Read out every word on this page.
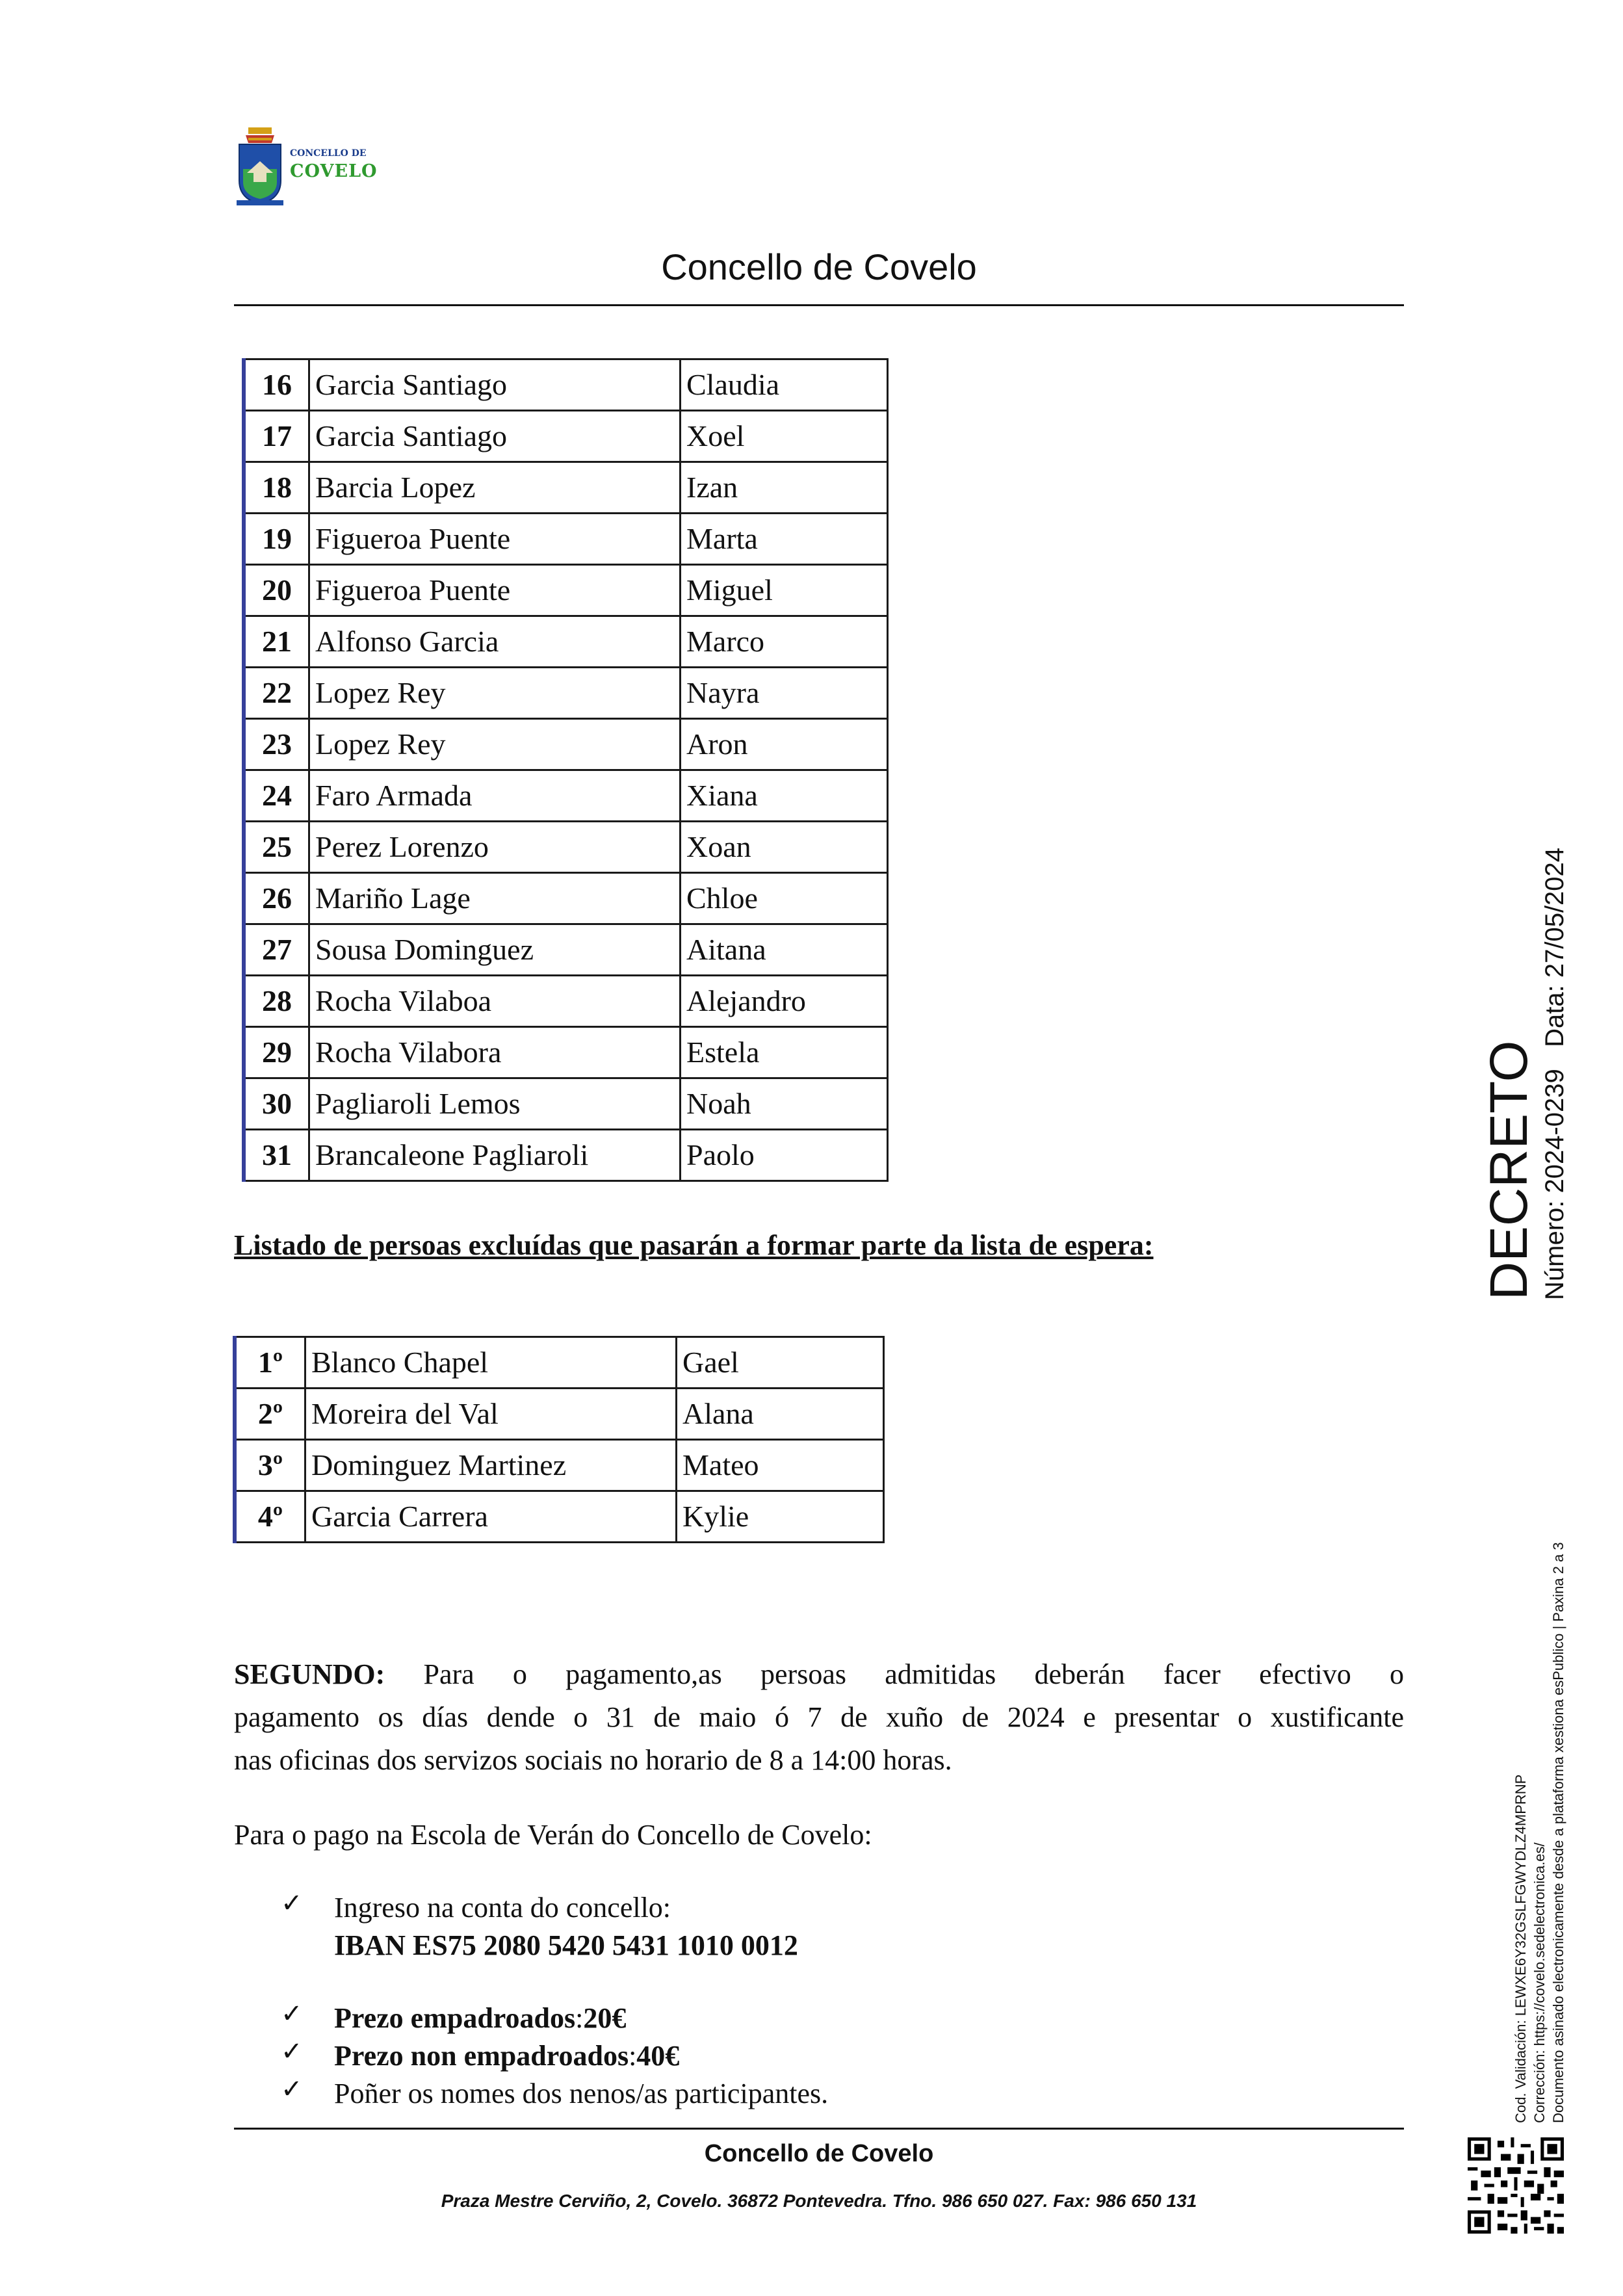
CONCELLO DE
COVELO
Concello de Covelo
16	Garcia Santiago	Claudia
17	Garcia Santiago	Xoel
18	Barcia Lopez	Izan
19	Figueroa Puente	Marta
20	Figueroa Puente	Miguel
21	Alfonso Garcia	Marco
22	Lopez Rey	Nayra
23	Lopez Rey	Aron
24	Faro Armada	Xiana
25	Perez Lorenzo	Xoan
26	Mariño Lage	Chloe
27	Sousa Dominguez	Aitana
28	Rocha Vilaboa	Alejandro
29	Rocha Vilabora	Estela
30	Pagliaroli Lemos	Noah
31	Brancaleone Pagliaroli	Paolo
Listado de persoas excluídas que pasarán a formar parte da lista de espera:
1º	Blanco Chapel	Gael
2º	Moreira del Val	Alana
3º	Dominguez Martinez	Mateo
4º	Garcia Carrera	Kylie
SEGUNDO: Para o pagamento,as persoas admitidas deberán facer efectivo o
pagamento os días dende o 31 de maio ó 7 de xuño de 2024 e presentar o xustificante
nas oficinas dos servizos sociais no horario de 8 a 14:00 horas.
Para o pago na Escola de Verán do Concello de Covelo:
✓ Ingreso na conta do concello:
IBAN ES75 2080 5420 5431 1010 0012
✓ Prezo empadroados:20€
✓ Prezo non empadroados:40€
✓ Poñer os nomes dos nenos/as participantes.
Concello de Covelo
Praza Mestre Cerviño, 2, Covelo. 36872 Pontevedra. Tfno. 986 650 027. Fax: 986 650 131
DECRETO Número: 2024-0239   Data: 27/05/2024
Cod. Validación: LEWXE6Y32GSLFGWYDLZ4MPRNP Corrección: https://covelo.sedelectronica.es/ Documento asinado electronicamente desde a plataforma xestiona esPublico | Paxina 2 a 3
